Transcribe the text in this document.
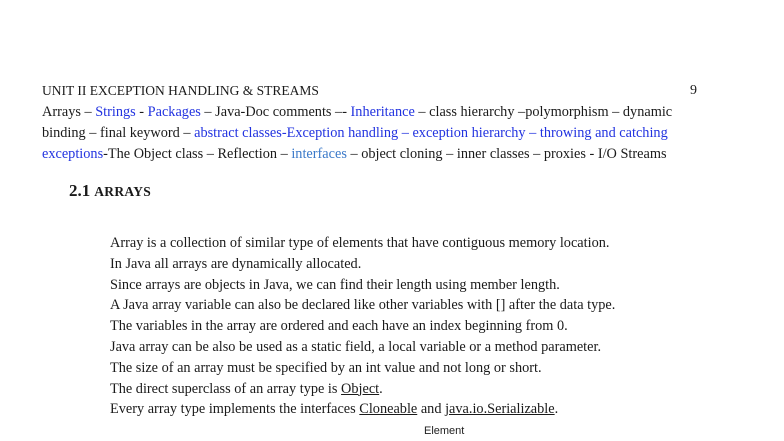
UNIT II EXCEPTION HANDLING & STREAMS	9
Arrays – Strings - Packages – Java-Doc comments –- Inheritance – class hierarchy –polymorphism – dynamic
binding – final keyword – abstract classes-Exception handling – exception hierarchy – throwing and catching
exceptions-The Object class – Reflection – interfaces – object cloning – inner classes – proxies - I/O Streams
2.1 ARRAYS
Array is a collection of similar type of elements that have contiguous memory location.
In Java all arrays are dynamically allocated.
Since arrays are objects in Java, we can find their length using member length.
A Java array variable can also be declared like other variables with [] after the data type.
The variables in the array are ordered and each have an index beginning from 0.
Java array can be also be used as a static field, a local variable or a method parameter.
The size of an array must be specified by an int value and not long or short.
The direct superclass of an array type is Object.
Every array type implements the interfaces Cloneable and java.io.Serializable.
Element
